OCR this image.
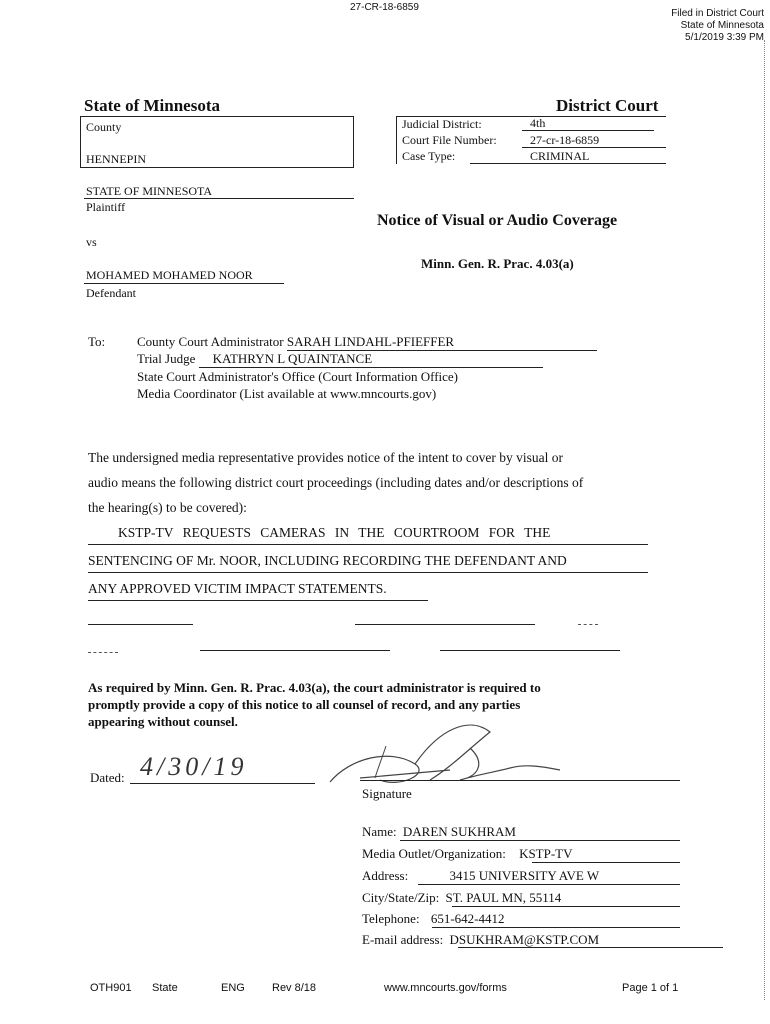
27-CR-18-6859
Filed in District Court
State of Minnesota
5/1/2019 3:39 PM
State of Minnesota	District Court
County
HENNEPIN
Judicial District:	4th
Court File Number:	27-cr-18-6859
Case Type:	CRIMINAL
STATE OF MINNESOTA
Plaintiff
vs
MOHAMED MOHAMED NOOR
Defendant
Notice of Visual or Audio Coverage
Minn. Gen. R. Prac. 4.03(a)
To: County Court Administrator SARAH LINDAHL-PFIEFFER
Trial Judge KATHRYN L QUAINTANCE
State Court Administrator's Office (Court Information Office)
Media Coordinator (List available at www.mncourts.gov)
The undersigned media representative provides notice of the intent to cover by visual or
audio means the following district court proceedings (including dates and/or descriptions of
the hearing(s) to be covered):
KSTP-TV REQUESTS CAMERAS IN THE COURTROOM FOR THE
SENTENCING OF Mr. NOOR, INCLUDING RECORDING THE DEFENDANT AND
ANY APPROVED VICTIM IMPACT STATEMENTS.
As required by Minn. Gen. R. Prac. 4.03(a), the court administrator is required to
promptly provide a copy of this notice to all counsel of record, and any parties
appearing without counsel.
Dated: 4/30/19
Signature
Name: DAREN SUKHRAM
Media Outlet/Organization: KSTP-TV
Address:	3415 UNIVERSITY AVE W
City/State/Zip: ST. PAUL MN, 55114
Telephone: 651-642-4412
E-mail address: DSUKHRAM@KSTP.COM
OTH901 State	ENG Rev 8/18	www.mncourts.gov/forms	Page 1 of 1
